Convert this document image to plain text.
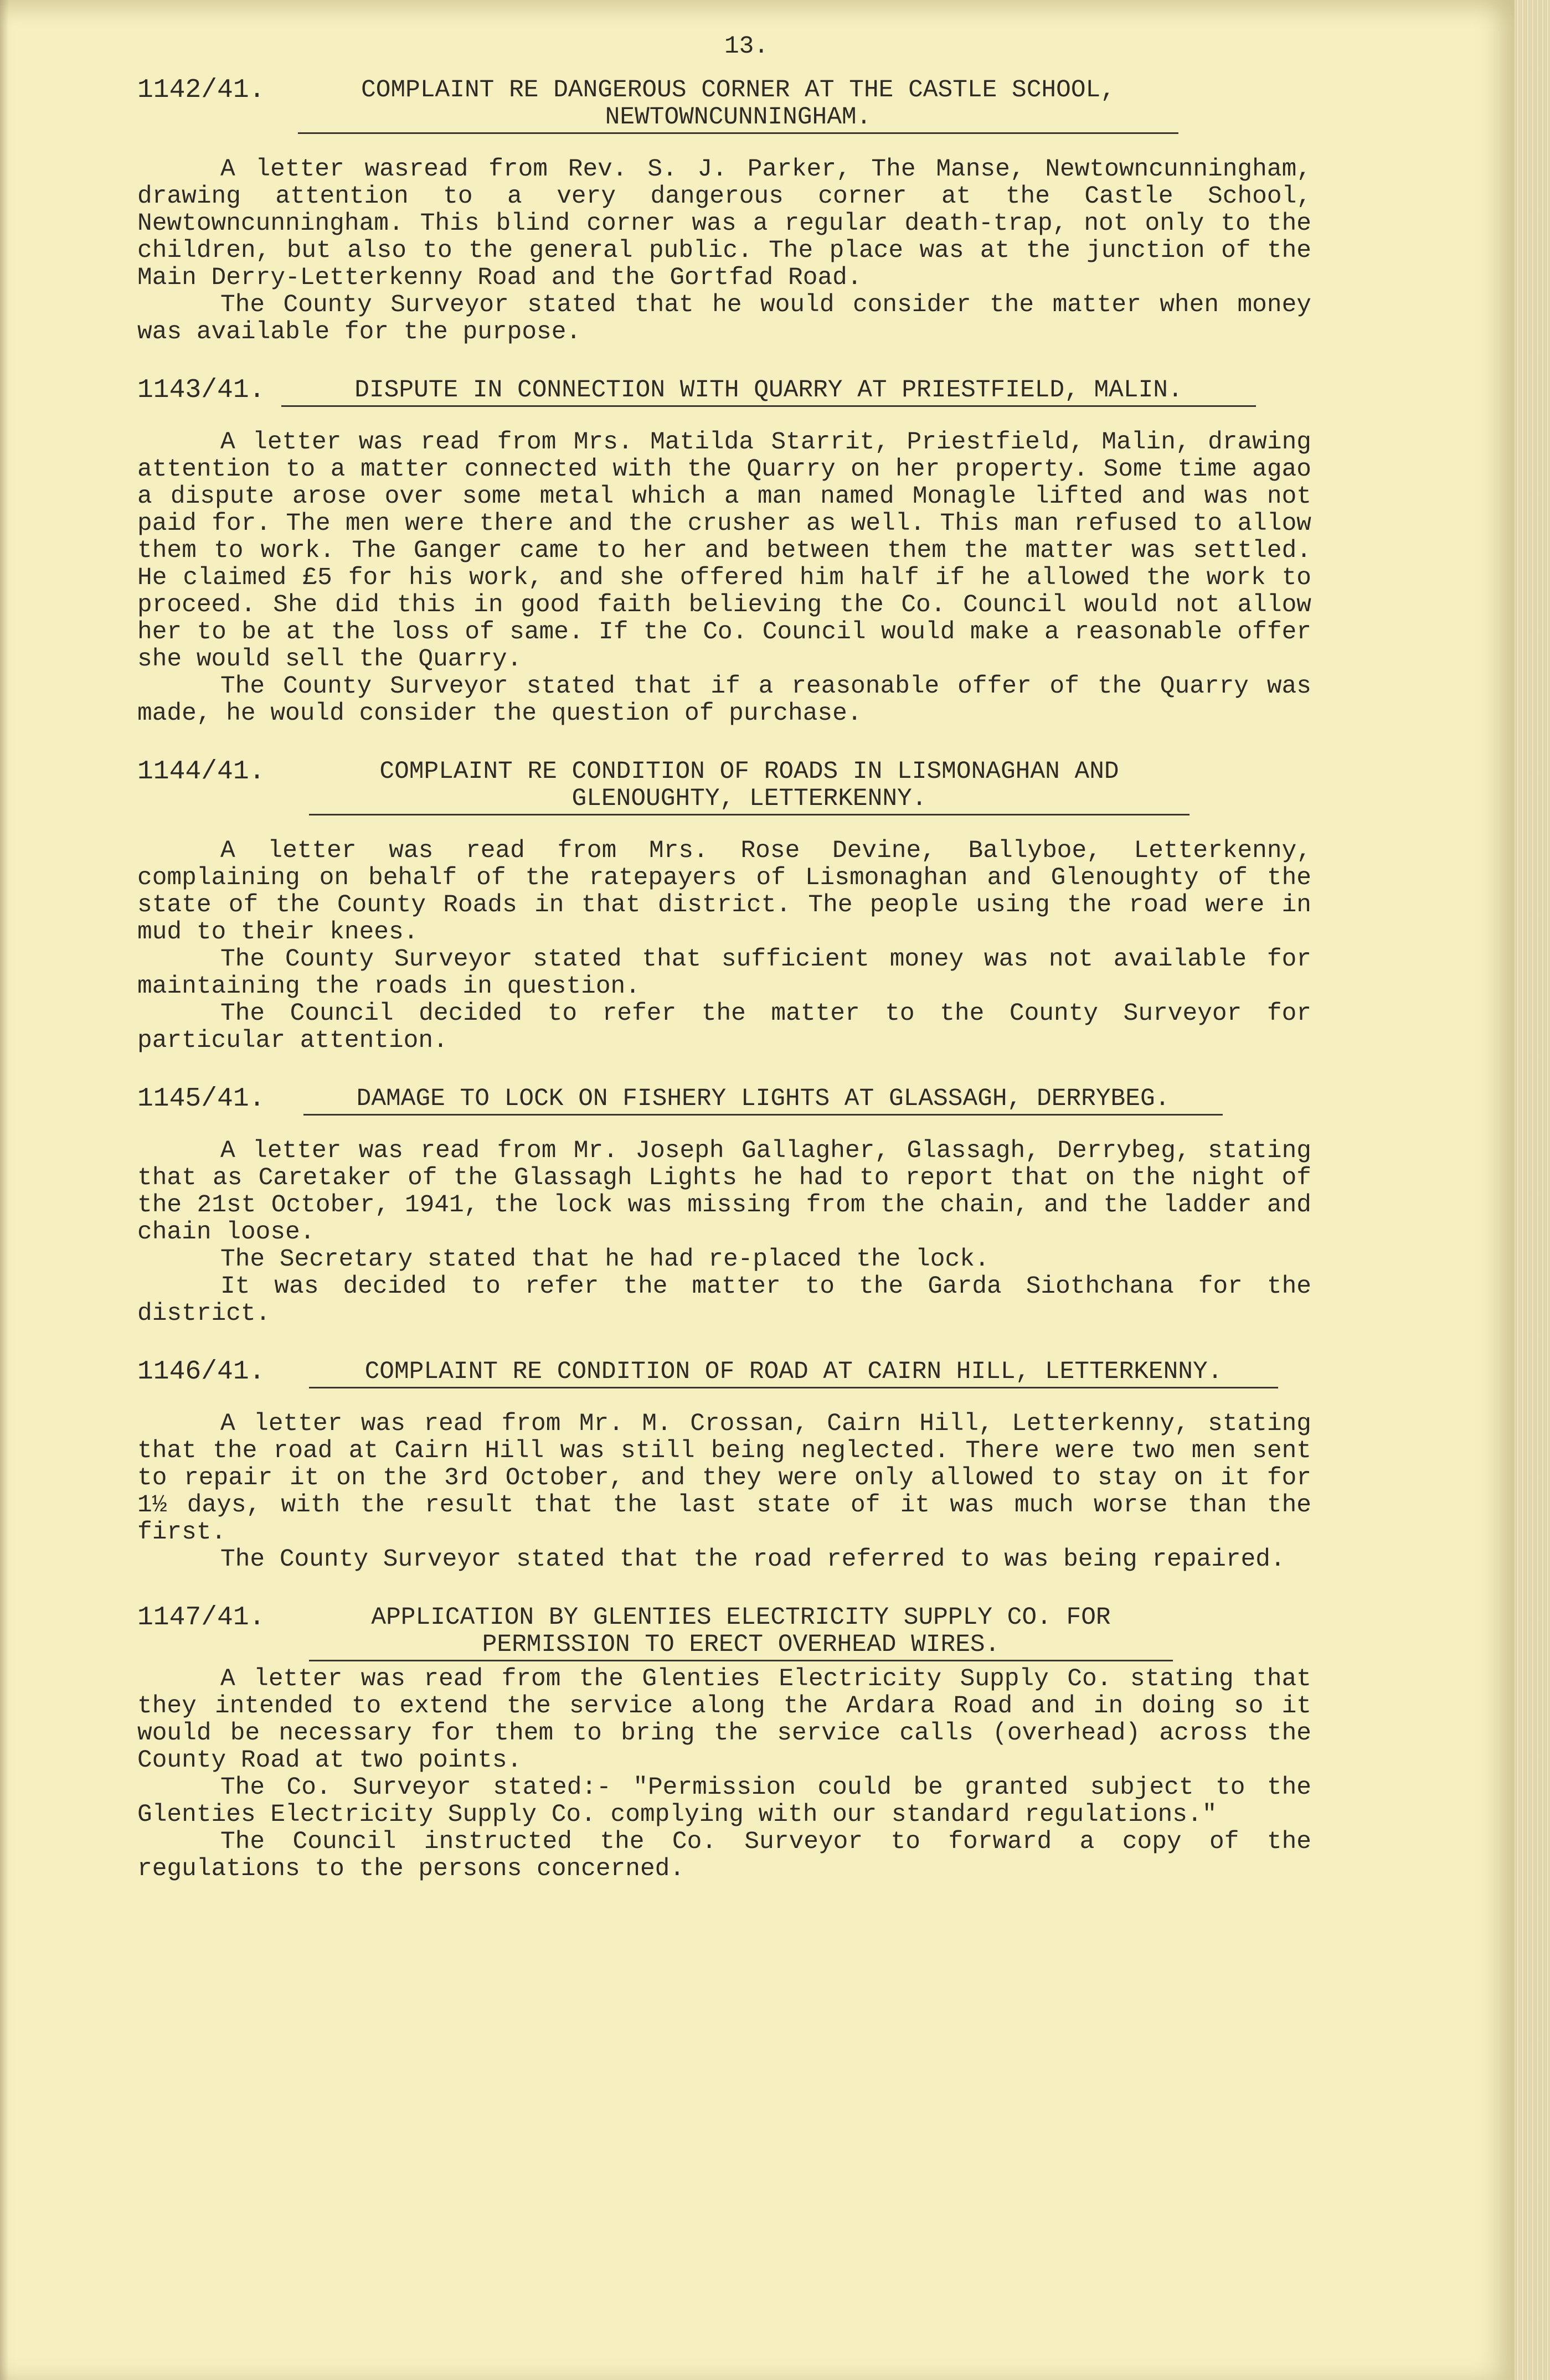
13.
1142/41.	COMPLAINT RE DANGEROUS CORNER AT THE CASTLE SCHOOL,
NEWTOWNCUNNINGHAM.

A letter wasread from Rev. S. J. Parker, The Manse, Newtowncunningham, drawing attention to a very dangerous corner at the Castle School, Newtowncunningham. This blind corner was a regular death-trap, not only to the children, but also to the general public. The place was at the junction of the Main Derry-Letterkenny Road and the Gortfad Road.

The County Surveyor stated that he would consider the matter when money was available for the purpose.

1143/41.	DISPUTE IN CONNECTION WITH QUARRY AT PRIESTFIELD, MALIN.

A letter was read from Mrs. Matilda Starrit, Priestfield, Malin, drawing attention to a matter connected with the Quarry on her property. Some time agao a dispute arose over some metal which a man named Monagle lifted and was not paid for. The men were there and the crusher as well. This man refused to allow them to work. The Ganger came to her and between them the matter was settled. He claimed £5 for his work, and she offered him half if he allowed the work to proceed. She did this in good faith believing the Co. Council would not allow her to be at the loss of same. If the Co. Council would make a reasonable offer she would sell the Quarry.

The County Surveyor stated that if a reasonable offer of the Quarry was made, he would consider the question of purchase.

1144/41.	COMPLAINT RE CONDITION OF ROADS IN LISMONAGHAN AND
GLENOUGHTY, LETTERKENNY.

A letter was read from Mrs. Rose Devine, Ballyboe, Letterkenny, complaining on behalf of the ratepayers of Lismonaghan and Glenoughty of the state of the County Roads in that district. The people using the road were in mud to their knees.

The County Surveyor stated that sufficient money was not available for maintaining the roads in question.

The Council decided to refer the matter to the County Surveyor for particular attention.

1145/41.	DAMAGE TO LOCK ON FISHERY LIGHTS AT GLASSAGH, DERRYBEG.

A letter was read from Mr. Joseph Gallagher, Glassagh, Derrybeg, stating that as Caretaker of the Glassagh Lights he had to report that on the night of the 21st October, 1941, the lock was missing from the chain, and the ladder and chain loose.

The Secretary stated that he had re-placed the lock.

It was decided to refer the matter to the Garda Siothchana for the district.

1146/41.	COMPLAINT RE CONDITION OF ROAD AT CAIRN HILL, LETTERKENNY.

A letter was read from Mr. M. Crossan, Cairn Hill, Letterkenny, stating that the road at Cairn Hill was still being neglected. There were two men sent to repair it on the 3rd October, and they were only allowed to stay on it for 1½ days, with the result that the last state of it was much worse than the first.

The County Surveyor stated that the road referred to was being repaired.

1147/41.	APPLICATION BY GLENTIES ELECTRICITY SUPPLY CO. FOR
PERMISSION TO ERECT OVERHEAD WIRES.

A letter was read from the Glenties Electricity Supply Co. stating that they intended to extend the service along the Ardara Road and in doing so it would be necessary for them to bring the service calls (overhead) across the County Road at two points.

The Co. Surveyor stated:- "Permission could be granted subject to the Glenties Electricity Supply Co. complying with our standard regulations."

The Council instructed the Co. Surveyor to forward a copy of the regulations to the persons concerned.
